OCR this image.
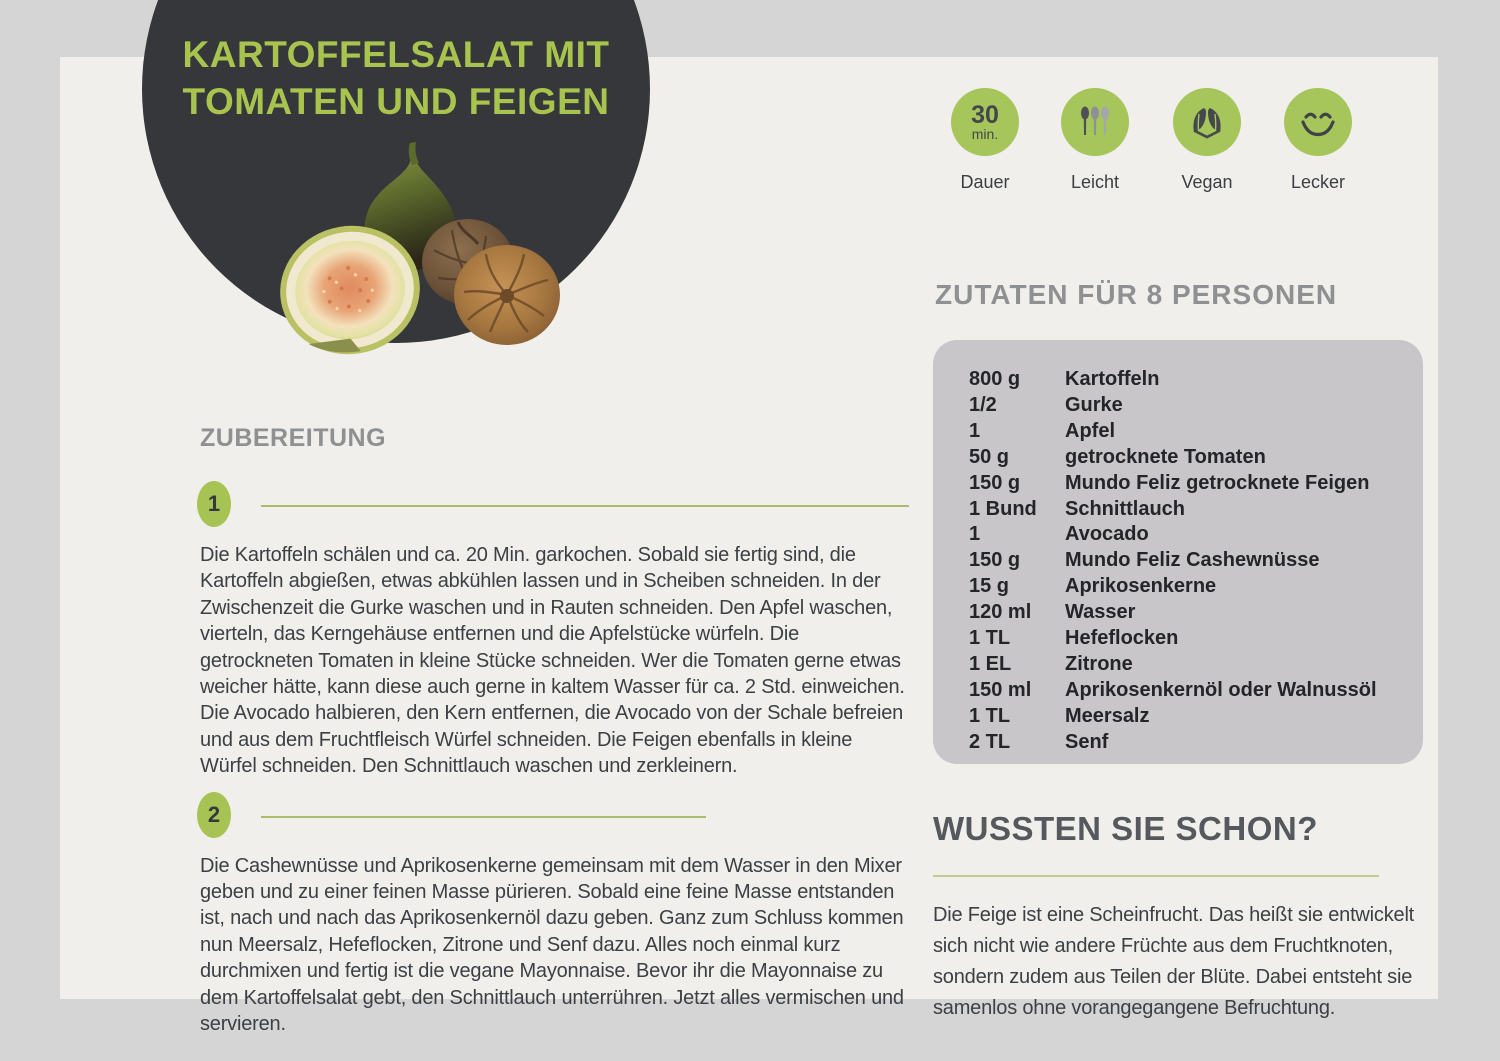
ZUBEREITUNG
1

Die Kartoffeln schälen und ca. 20 Min. garkochen. Sobald sie fertig sind, die Kartoffeln abgießen, etwas abkühlen lassen und in Scheiben schneiden. In der Zwischenzeit die Gurke waschen und in Rauten schneiden. Den Apfel waschen, vierteln, das Kerngehäuse entfernen und die Apfelstücke würfeln. Die getrockneten Tomaten in kleine Stücke schneiden. Wer die Tomaten gerne etwas weicher hätte, kann diese auch gerne in kaltem Wasser für ca. 2 Std. einweichen. Die Avocado halbieren, den Kern entfernen, die Avocado von der Schale befreien und aus dem Fruchtfleisch Würfel schneiden. Die Feigen ebenfalls in kleine Würfel schneiden. Den Schnittlauch waschen und zerkleinern.

2

Die Cashewnüsse und Aprikosenkerne gemeinsam mit dem Wasser in den Mixer geben und zu einer feinen Masse pürieren. Sobald eine feine Masse entstanden ist, nach und nach das Aprikosenkernöl dazu geben. Ganz zum Schluss kommen nun Meersalz, Hefeflocken, Zitrone und Senf dazu. Alles noch einmal kurz durchmixen und fertig ist die vegane Mayonnaise. Bevor ihr die Mayonnaise zu dem Kartoffelsalat gebt, den Schnittlauch unterrühren. Jetzt alles vermischen und servieren.

ZUTATEN FÜR 8 PERSONEN
800 g	Kartoffeln
1/2	Gurke
1	Apfel
50 g	getrocknete Tomaten
150 g	Mundo Feliz getrocknete Feigen
1 Bund	Schnittlauch
1	Avocado
150 g	Mundo Feliz Cashewnüsse
15 g	Aprikosenkerne
120 ml	Wasser
1 TL	Hefeflocken
1 EL	Zitrone
150 ml	Aprikosenkernöl oder Walnussöl
1 TL	Meersalz
2 TL	Senf
WUSSTEN SIE SCHON?

Die Feige ist eine Scheinfrucht. Das heißt sie entwickelt sich nicht wie andere Früchte aus dem Fruchtknoten, sondern zudem aus Teilen der Blüte. Dabei entsteht sie samenlos ohne vorangegangene Befruchtung.

KARTOFFELSALAT MIT
TOMATEN UND FEIGEN	30
min.
Dauer	Leicht	Vegan	Lecker
